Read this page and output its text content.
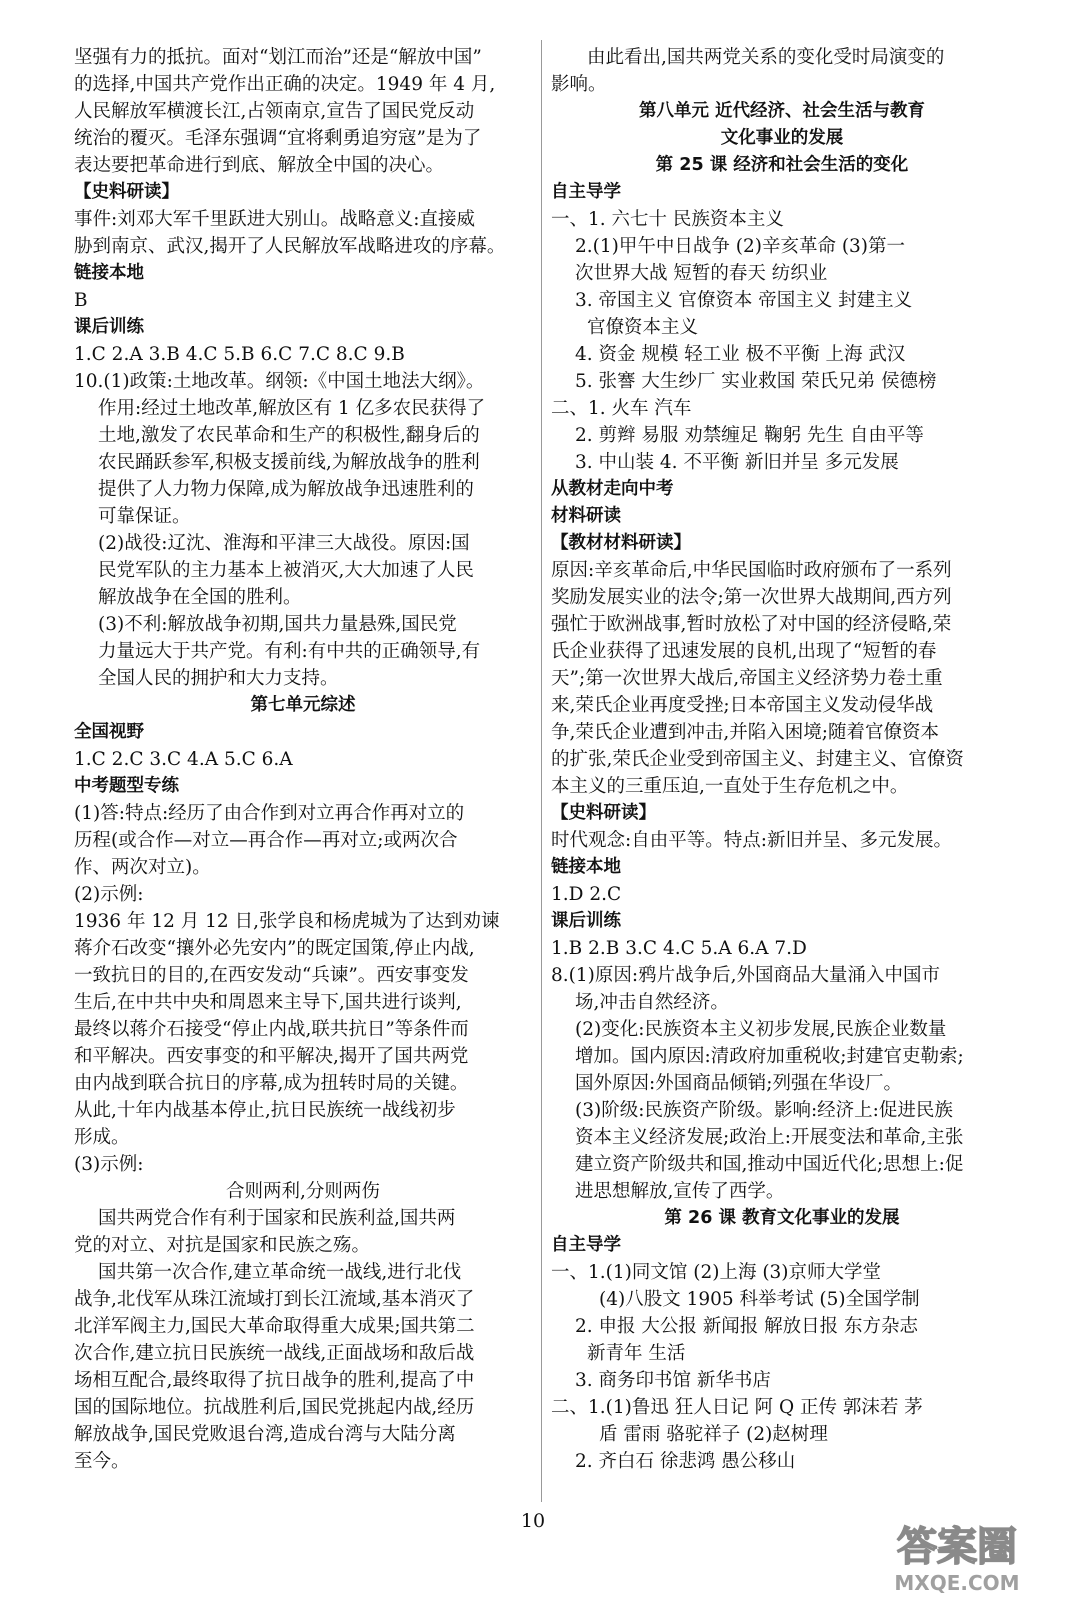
坚强有力的抵抗。面对“划江而治”还是“解放中国”
的选择,中国共产党作出正确的决定。1949 年 4 月,
人民解放军横渡长江,占领南京,宣告了国民党反动
统治的覆灭。毛泽东强调“宜将剩勇追穷寇”是为了
表达要把革命进行到底、解放全中国的决心。
【史料研读】
事件:刘邓大军千里跃进大别山。战略意义:直接威
胁到南京、武汉,揭开了人民解放军战略进攻的序幕。
链接本地
B
课后训练
1.C 2.A 3.B 4.C 5.B 6.C 7.C 8.C 9.B
10.(1)政策:土地改革。纲领:《中国土地法大纲》。
作用:经过土地改革,解放区有 1 亿多农民获得了
土地,激发了农民革命和生产的积极性,翻身后的
农民踊跃参军,积极支援前线,为解放战争的胜利
提供了人力物力保障,成为解放战争迅速胜利的
可靠保证。
(2)战役:辽沈、淮海和平津三大战役。原因:国
民党军队的主力基本上被消灭,大大加速了人民
解放战争在全国的胜利。
(3)不利:解放战争初期,国共力量悬殊,国民党
力量远大于共产党。有利:有中共的正确领导,有
全国人民的拥护和大力支持。
第七单元综述
全国视野
1.C 2.C 3.C 4.A 5.C 6.A
中考题型专练
(1)答:特点:经历了由合作到对立再合作再对立的
历程(或合作—对立—再合作—再对立;或两次合
作、两次对立)。
(2)示例:
1936 年 12 月 12 日,张学良和杨虎城为了达到劝谏
蒋介石改变“攘外必先安内”的既定国策,停止内战,
一致抗日的目的,在西安发动“兵谏”。西安事变发
生后,在中共中央和周恩来主导下,国共进行谈判,
最终以蒋介石接受“停止内战,联共抗日”等条件而
和平解决。西安事变的和平解决,揭开了国共两党
由内战到联合抗日的序幕,成为扭转时局的关键。
从此,十年内战基本停止,抗日民族统一战线初步
形成。
(3)示例:
合则两利,分则两伤
国共两党合作有利于国家和民族利益,国共两
党的对立、对抗是国家和民族之殇。
国共第一次合作,建立革命统一战线,进行北伐
战争,北伐军从珠江流域打到长江流域,基本消灭了
北洋军阀主力,国民大革命取得重大成果;国共第二
次合作,建立抗日民族统一战线,正面战场和敌后战
场相互配合,最终取得了抗日战争的胜利,提高了中
国的国际地位。抗战胜利后,国民党挑起内战,经历
解放战争,国民党败退台湾,造成台湾与大陆分离
至今。
由此看出,国共两党关系的变化受时局演变的
影响。
第八单元 近代经济、社会生活与教育
文化事业的发展
第 25 课 经济和社会生活的变化
自主导学
一、1. 六七十 民族资本主义
2.(1)甲午中日战争 (2)辛亥革命 (3)第一
次世界大战 短暂的春天 纺织业
3. 帝国主义 官僚资本 帝国主义 封建主义
官僚资本主义
4. 资金 规模 轻工业 极不平衡 上海 武汉
5. 张謇 大生纱厂 实业救国 荣氏兄弟 侯德榜
二、1. 火车 汽车
2. 剪辫 易服 劝禁缠足 鞠躬 先生 自由平等
3. 中山装 4. 不平衡 新旧并呈 多元发展
从教材走向中考
材料研读
【教材材料研读】
原因:辛亥革命后,中华民国临时政府颁布了一系列
奖励发展实业的法令;第一次世界大战期间,西方列
强忙于欧洲战事,暂时放松了对中国的经济侵略,荣
氏企业获得了迅速发展的良机,出现了“短暂的春
天”;第一次世界大战后,帝国主义经济势力卷土重
来,荣氏企业再度受挫;日本帝国主义发动侵华战
争,荣氏企业遭到冲击,并陷入困境;随着官僚资本
的扩张,荣氏企业受到帝国主义、封建主义、官僚资
本主义的三重压迫,一直处于生存危机之中。
【史料研读】
时代观念:自由平等。特点:新旧并呈、多元发展。
链接本地
1.D 2.C
课后训练
1.B 2.B 3.C 4.C 5.A 6.A 7.D
8.(1)原因:鸦片战争后,外国商品大量涌入中国市
场,冲击自然经济。
(2)变化:民族资本主义初步发展,民族企业数量
增加。国内原因:清政府加重税收;封建官吏勒索;
国外原因:外国商品倾销;列强在华设厂。
(3)阶级:民族资产阶级。影响:经济上:促进民族
资本主义经济发展;政治上:开展变法和革命,主张
建立资产阶级共和国,推动中国近代化;思想上:促
进思想解放,宣传了西学。
第 26 课 教育文化事业的发展
自主导学
一、1.(1)同文馆 (2)上海 (3)京师大学堂
(4)八股文 1905 科举考试 (5)全国学制
2. 申报 大公报 新闻报 解放日报 东方杂志
新青年 生活
3. 商务印书馆 新华书店
二、1.(1)鲁迅 狂人日记 阿 Q 正传 郭沫若 茅
盾 雷雨 骆驼祥子 (2)赵树理
2. 齐白石 徐悲鸿 愚公移山
10
答案圈
MXQE.COM
